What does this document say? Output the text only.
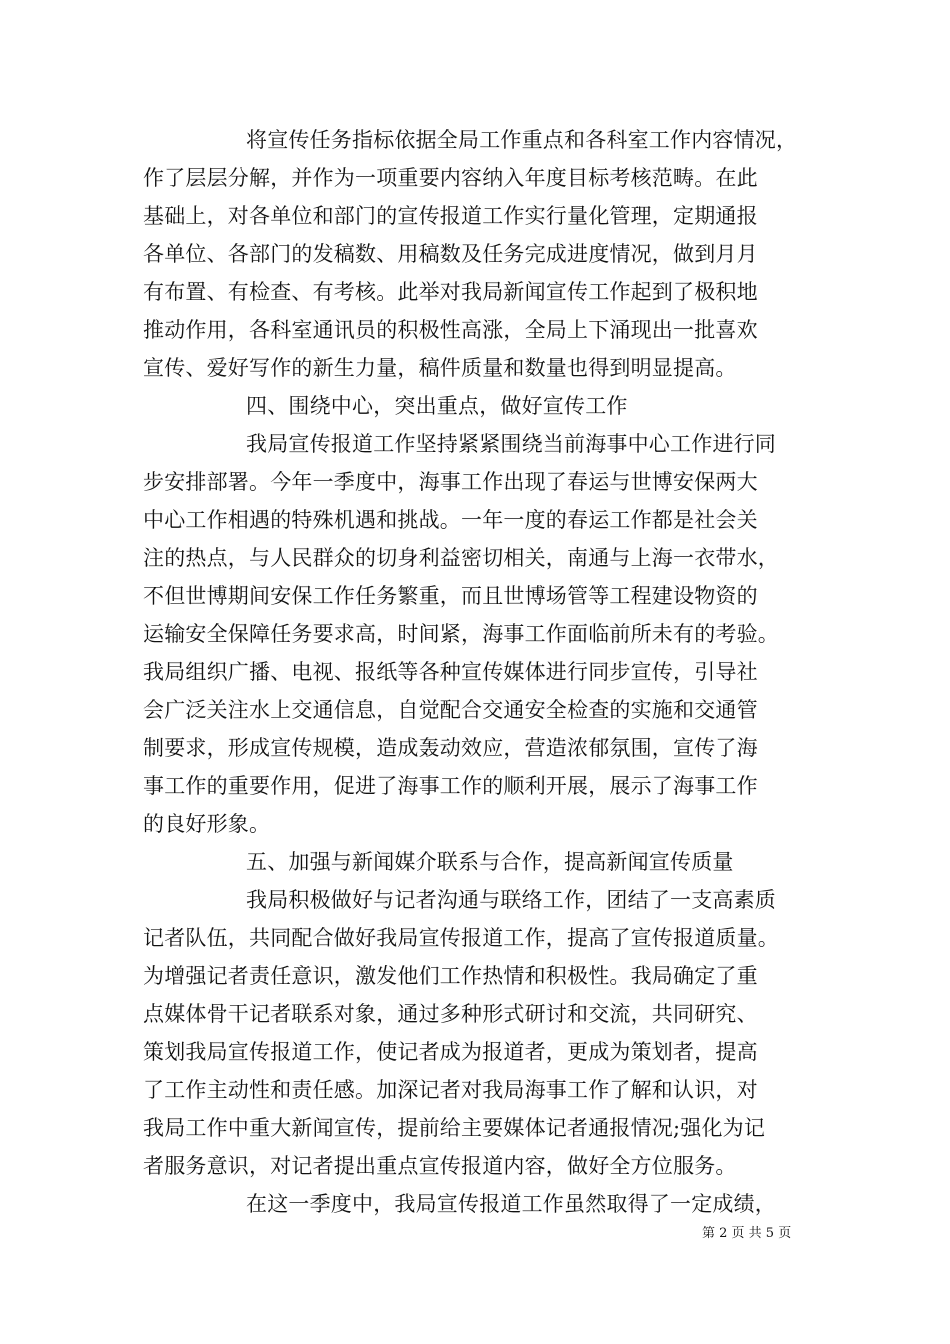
将宣传任务指标依据全局工作重点和各科室工作内容情况，
作了层层分解，并作为一项重要内容纳入年度目标考核范畴。在此
基础上，对各单位和部门的宣传报道工作实行量化管理，定期通报
各单位、各部门的发稿数、用稿数及任务完成进度情况，做到月月
有布置、有检查、有考核。此举对我局新闻宣传工作起到了极积地
推动作用，各科室通讯员的积极性高涨，全局上下涌现出一批喜欢
宣传、爱好写作的新生力量，稿件质量和数量也得到明显提高。
四、围绕中心，突出重点，做好宣传工作
我局宣传报道工作坚持紧紧围绕当前海事中心工作进行同
步安排部署。今年一季度中，海事工作出现了春运与世博安保两大
中心工作相遇的特殊机遇和挑战。一年一度的春运工作都是社会关
注的热点，与人民群众的切身利益密切相关，南通与上海一衣带水，
不但世博期间安保工作任务繁重，而且世博场管等工程建设物资的
运输安全保障任务要求高，时间紧，海事工作面临前所未有的考验。
我局组织广播、电视、报纸等各种宣传媒体进行同步宣传，引导社
会广泛关注水上交通信息，自觉配合交通安全检查的实施和交通管
制要求，形成宣传规模，造成轰动效应，营造浓郁氛围，宣传了海
事工作的重要作用，促进了海事工作的顺利开展，展示了海事工作
的良好形象。
五、加强与新闻媒介联系与合作，提高新闻宣传质量
我局积极做好与记者沟通与联络工作，团结了一支高素质
记者队伍，共同配合做好我局宣传报道工作，提高了宣传报道质量。
为增强记者责任意识，激发他们工作热情和积极性。我局确定了重
点媒体骨干记者联系对象，通过多种形式研讨和交流，共同研究、
策划我局宣传报道工作，使记者成为报道者，更成为策划者，提高
了工作主动性和责任感。加深记者对我局海事工作了解和认识，对
我局工作中重大新闻宣传，提前给主要媒体记者通报情况;强化为记
者服务意识，对记者提出重点宣传报道内容，做好全方位服务。
在这一季度中，我局宣传报道工作虽然取得了一定成绩，
第 2 页 共 5 页
